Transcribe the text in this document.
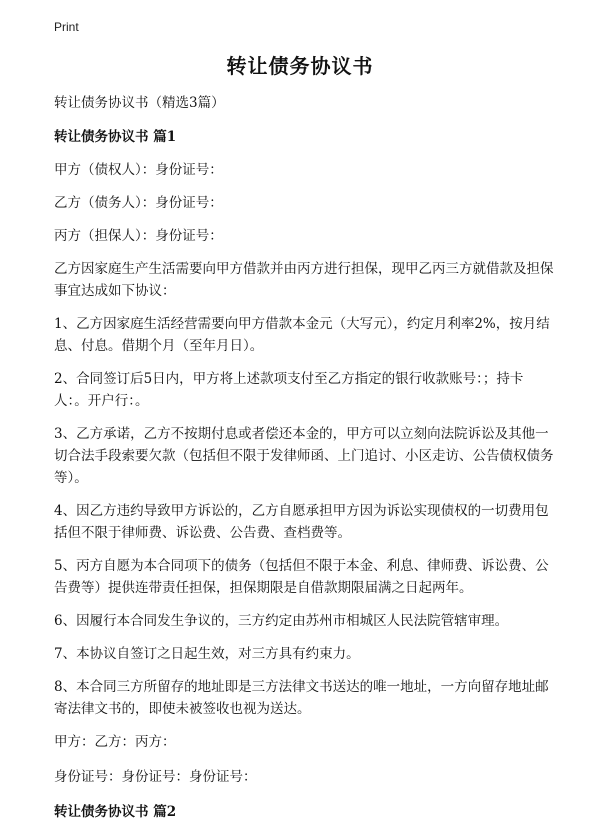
Print
转让债务协议书

转让债务协议书（精选3篇）

转让债务协议书 篇1

甲方（债权人）：身份证号：

乙方（债务人）：身份证号：

丙方（担保人）：身份证号：

乙方因家庭生产生活需要向甲方借款并由丙方进行担保，现甲乙丙三方就借款及担保事宜达成如下协议：

1、乙方因家庭生活经营需要向甲方借款本金元（大写元），约定月利率2%，按月结息、付息。借期个月（至年月日）。

2、合同签订后5日内，甲方将上述款项支付至乙方指定的银行收款账号：；持卡人：。开户行：。

3、乙方承诺，乙方不按期付息或者偿还本金的，甲方可以立刻向法院诉讼及其他一切合法手段索要欠款（包括但不限于发律师函、上门追讨、小区走访、公告债权债务等）。

4、因乙方违约导致甲方诉讼的，乙方自愿承担甲方因为诉讼实现债权的一切费用包括但不限于律师费、诉讼费、公告费、查档费等。

5、丙方自愿为本合同项下的债务（包括但不限于本金、利息、律师费、诉讼费、公告费等）提供连带责任担保，担保期限是自借款期限届满之日起两年。

6、因履行本合同发生争议的，三方约定由苏州市相城区人民法院管辖审理。

7、本协议自签订之日起生效，对三方具有约束力。

8、本合同三方所留存的地址即是三方法律文书送达的唯一地址，一方向留存地址邮寄法律文书的，即使未被签收也视为送达。

甲方：乙方：丙方：

身份证号：身份证号：身份证号：

转让债务协议书 篇2
